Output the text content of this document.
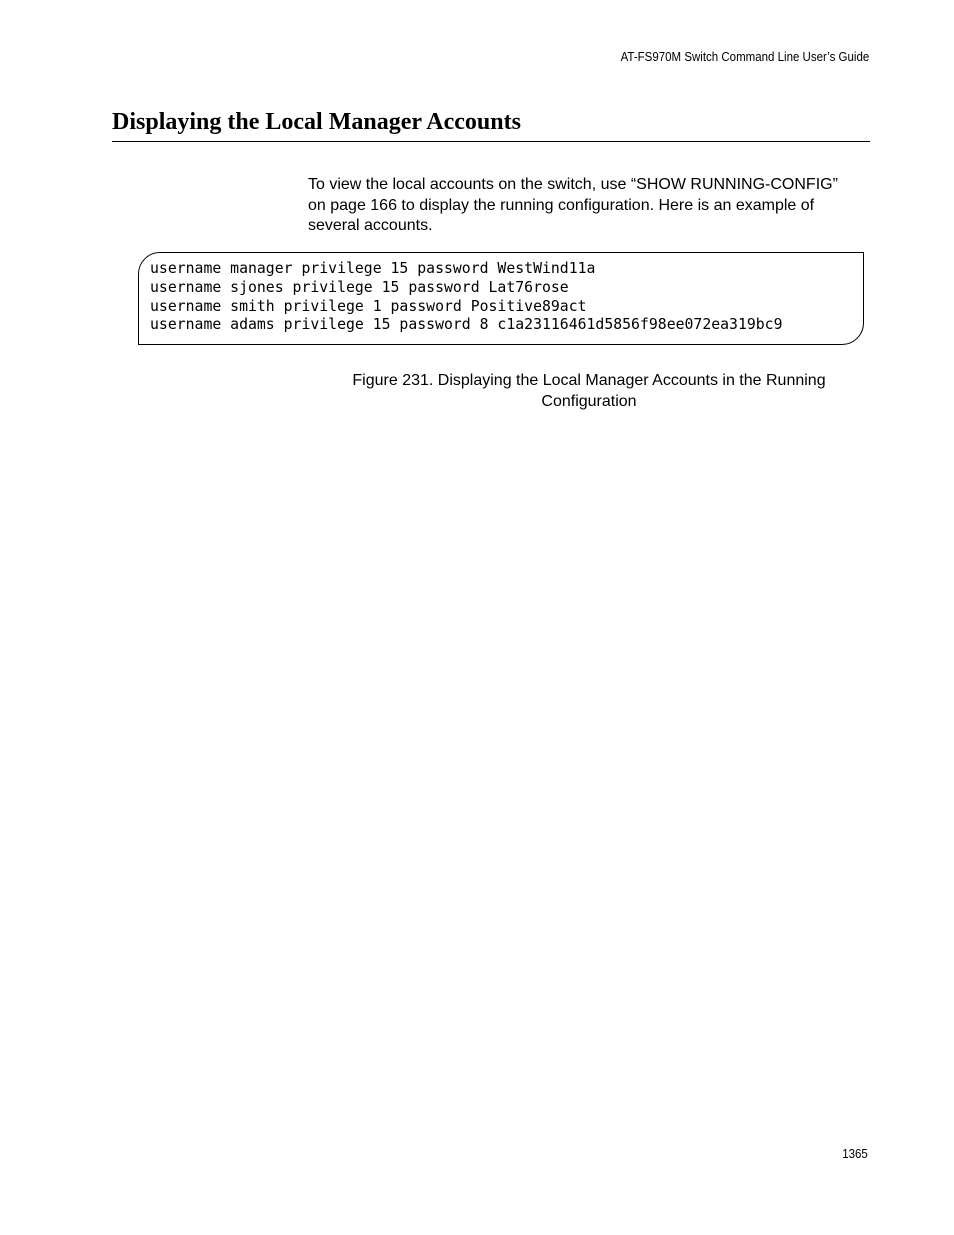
AT-FS970M Switch Command Line User’s Guide
Displaying the Local Manager Accounts

To view the local accounts on the switch, use “SHOW RUNNING-CONFIG” on page 166 to display the running configuration. Here is an example of several accounts.

username manager privilege 15 password WestWind11a
username sjones privilege 15 password Lat76rose
username smith privilege 1 password Positive89act
username adams privilege 15 password 8 c1a23116461d5856f98ee072ea319bc9

Figure 231. Displaying the Local Manager Accounts in the Running Configuration

1365
